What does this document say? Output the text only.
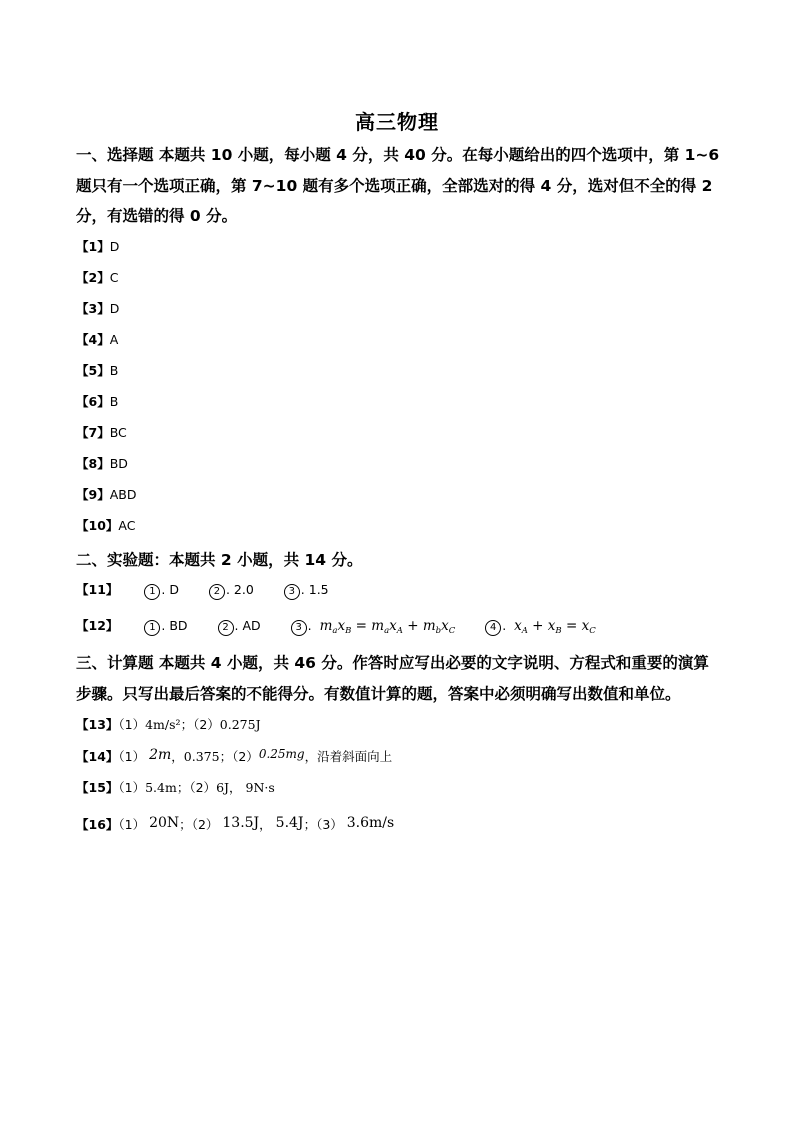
高三物理
一、选择题 本题共 10 小题，每小题 4 分，共 40 分。在每小题给出的四个选项中，第 1~6 题只有一个选项正确，第 7~10 题有多个选项正确，全部选对的得 4 分，选对但不全的得 2 分，有选错的得 0 分。
【1】D
【2】C
【3】D
【4】A
【5】B
【6】B
【7】BC
【8】BD
【9】ABD
【10】AC
二、实验题：本题共 2 小题，共 14 分。
【11】	1 . D	2 . 2.0	3 . 1.5
【12】	1 . BD	2 . AD	3 .  $m_ax_B = m_ax_A + m_bx_C$	4 .  $x_A + x_B = x_C$
三、计算题 本题共 4 小题，共 46 分。作答时应写出必要的文字说明、方程式和重要的演算步骤。只写出最后答案的不能得分。有数值计算的题，答案中必须明确写出数值和单位。
【13】（1）4m/s²；（2）0.275J
【14】（1） 2m，0.375；（2）0.25mg，沿着斜面向上
【15】（1）5.4m；（2）6J， 9N·s
【16】（1） 20N；（2） 13.5J， 5.4J；（3） 3.6m/s
